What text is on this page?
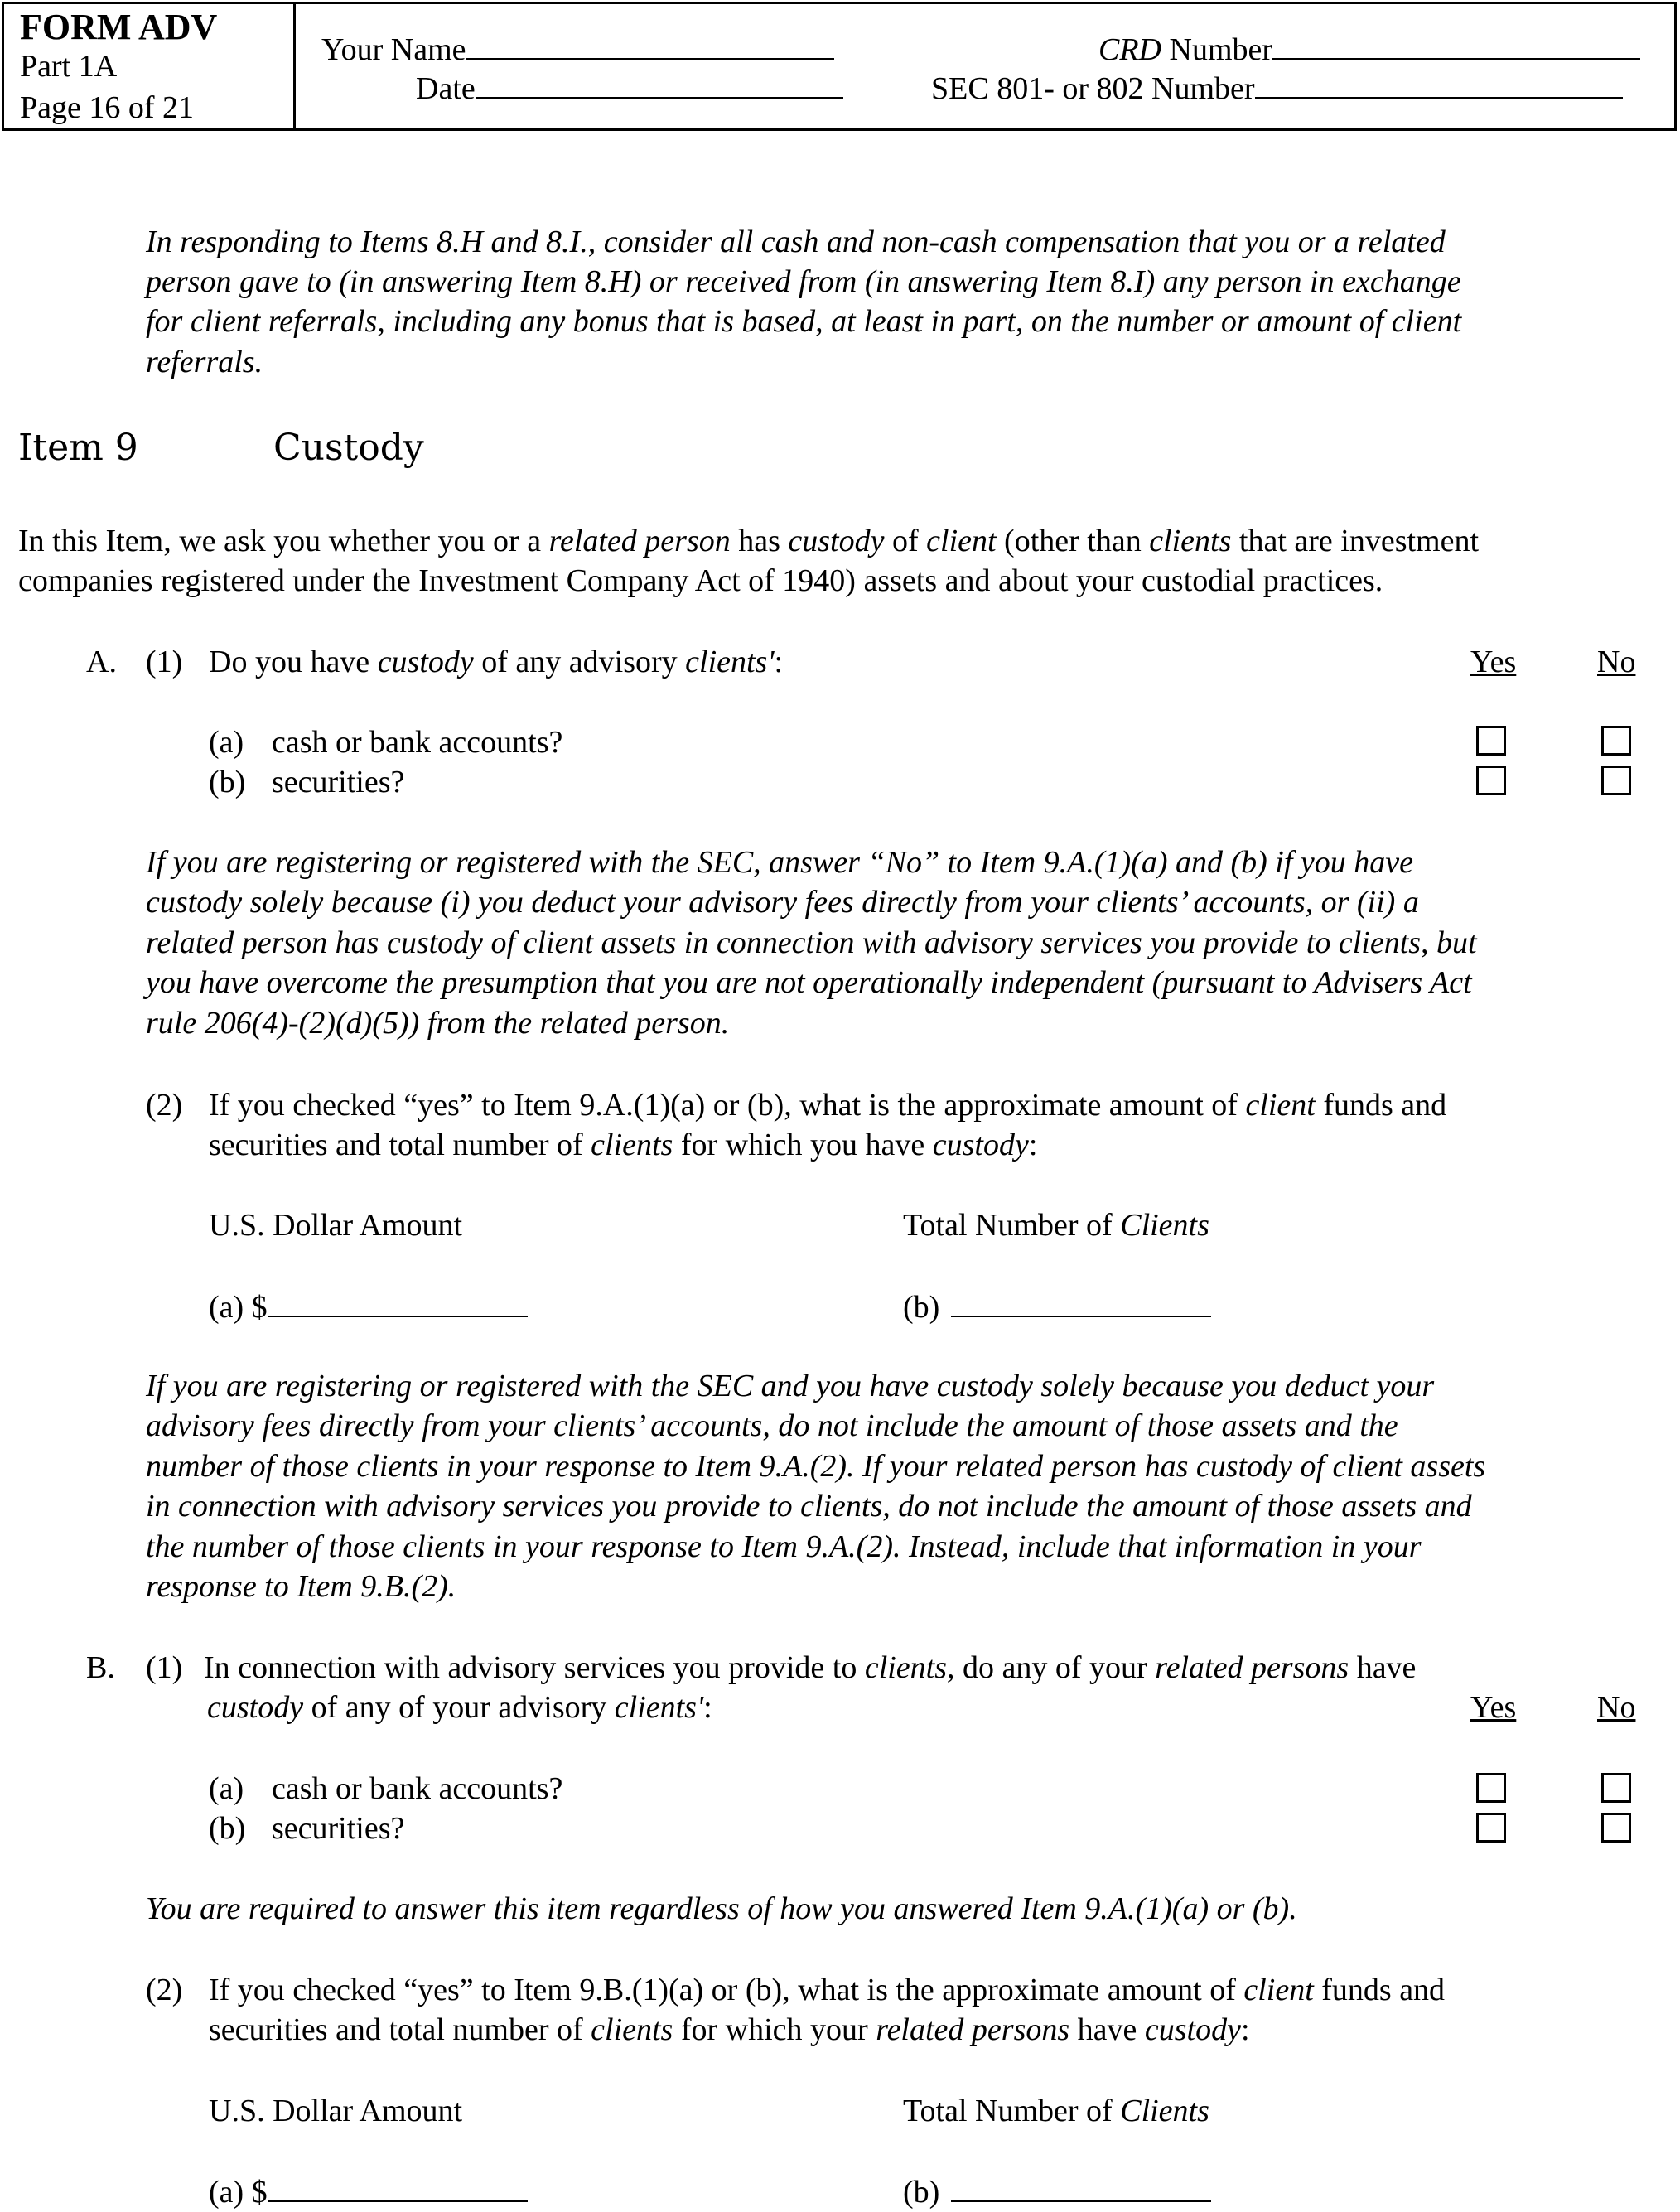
FORM ADV
Part 1A
Page 16 of 21
Your Name
Date
CRD Number
SEC 801- or 802 Number
In responding to Items 8.H and 8.I., consider all cash and non-cash compensation that you or a related
person gave to (in answering Item 8.H) or received from (in answering Item 8.I) any person in exchange
for client referrals, including any bonus that is based, at least in part, on the number or amount of client
referrals.
Item 9	Custody
In this Item, we ask you whether you or a related person has custody of client (other than clients that are investment
companies registered under the Investment Company Act of 1940) assets and about your custodial practices.
A. (1) Do you have custody of any advisory clients':	Yes	No
(a) cash or bank accounts?
(b) securities?
If you are registering or registered with the SEC, answer “No” to Item 9.A.(1)(a) and (b) if you have
custody solely because (i) you deduct your advisory fees directly from your clients’ accounts, or (ii) a
related person has custody of client assets in connection with advisory services you provide to clients, but
you have overcome the presumption that you are not operationally independent (pursuant to Advisers Act
rule 206(4)-(2)(d)(5)) from the related person.
(2) If you checked “yes” to Item 9.A.(1)(a) or (b), what is the approximate amount of client funds and
securities and total number of clients for which you have custody:
U.S. Dollar Amount	Total Number of Clients
(a) $	(b)
If you are registering or registered with the SEC and you have custody solely because you deduct your
advisory fees directly from your clients’ accounts, do not include the amount of those assets and the
number of those clients in your response to Item 9.A.(2). If your related person has custody of client assets
in connection with advisory services you provide to clients, do not include the amount of those assets and
the number of those clients in your response to Item 9.A.(2). Instead, include that information in your
response to Item 9.B.(2).
B. (1) In connection with advisory services you provide to clients, do any of your related persons have
custody of any of your advisory clients':	Yes	No
(a) cash or bank accounts?
(b) securities?
You are required to answer this item regardless of how you answered Item 9.A.(1)(a) or (b).
(2) If you checked “yes” to Item 9.B.(1)(a) or (b), what is the approximate amount of client funds and
securities and total number of clients for which your related persons have custody:
U.S. Dollar Amount	Total Number of Clients
(a) $	(b)
